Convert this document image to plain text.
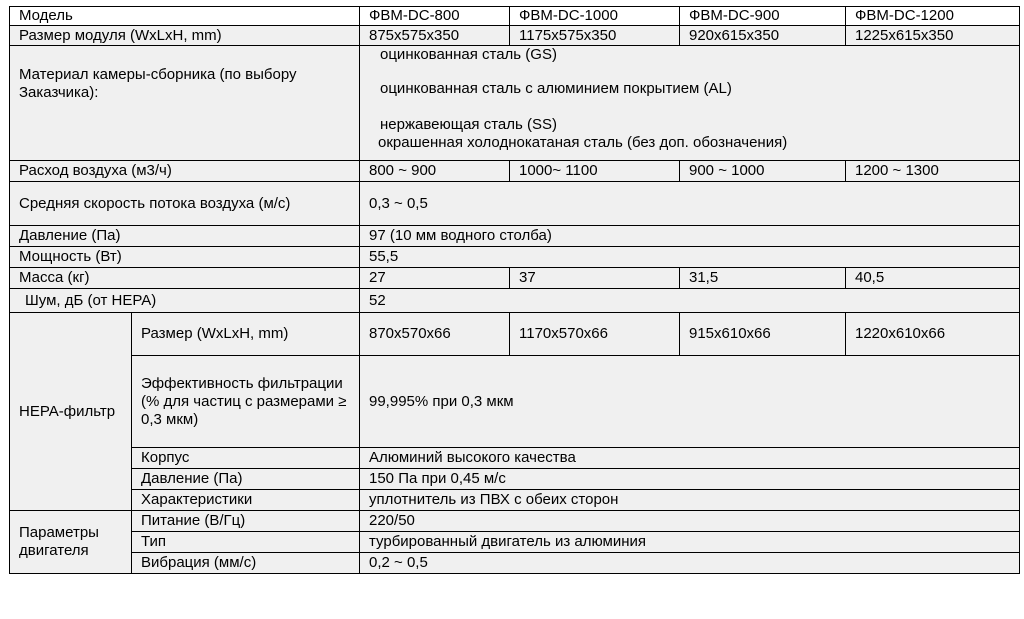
Модель		ФВМ-DC-800	ФВМ-DC-1000	ФВМ-DC-900	ФВМ-DC-1200
Размер модуля (WxLxH, mm)		875x575x350	1175x575x350	920x615x350	1225x615x350
Материал камеры-сборника (по выбору Заказчика):		оцинкованная сталь (GS)
оцинкованная сталь с алюминием покрытием (AL)
нержавеющая сталь (SS)
окрашенная холоднокатаная сталь (без доп. обозначения)			

Расход воздуха (м3/ч)		800 ~ 900	1000~ 1100	900 ~ 1000	1200 ~ 1300
Средняя скорость потока воздуха (м/с)		0,3 ~ 0,5			
Давление (Па)		97 (10 мм водного столба)			
Мощность (Вт)		55,5			
Масса (кг)		27	37	31,5	40,5
Шум, дБ (от HEPA)		52			
HEPA-фильтр	Размер (WxLxH, mm)	870x570x66	1170x570x66	915x610x66	1220x610x66
	Эффективность фильтрации (% для частиц с размерами ≥ 0,3 мкм)	99,995% при 0,3 мкм			
	Корпус	Алюминий высокого качества			
	Давление (Па)	150 Па при 0,45 м/с			
	Характеристики	уплотнитель из ПВХ с обеих сторон			
Параметры двигателя	Питание (В/Гц)	220/50			
	Тип	турбированный двигатель из алюминия			
	Вибрация (мм/с)	0,2 ~ 0,5			
